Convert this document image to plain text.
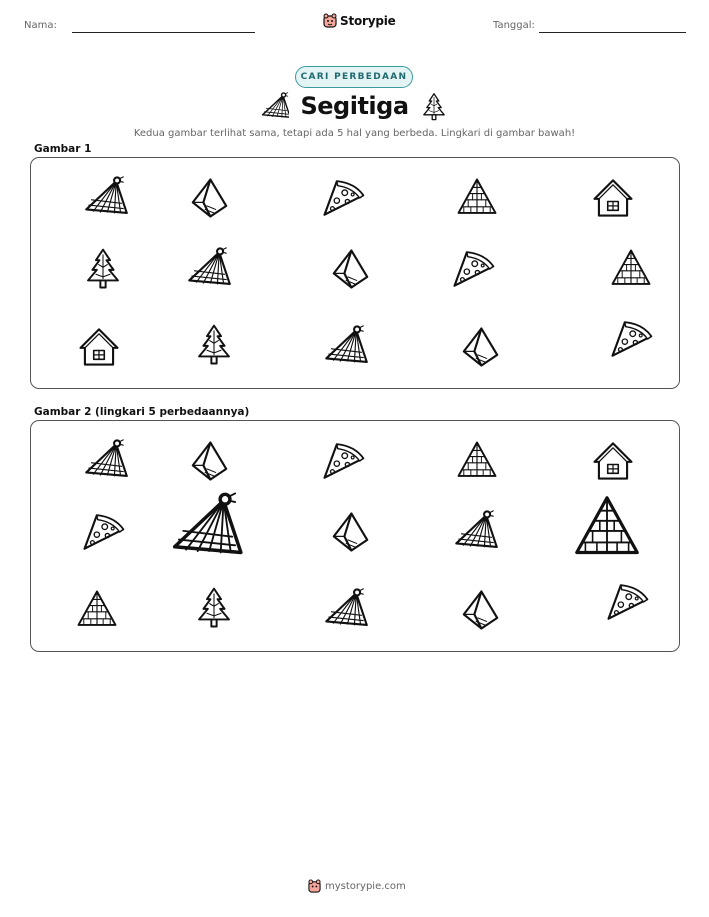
Nama:	Storypie	Tanggal:
CARI PERBEDAAN
Segitiga
Kedua gambar terlihat sama, tetapi ada 5 hal yang berbeda. Lingkari di gambar bawah!
Gambar 1
Gambar 2 (lingkari 5 perbedaannya)
mystorypie.com
